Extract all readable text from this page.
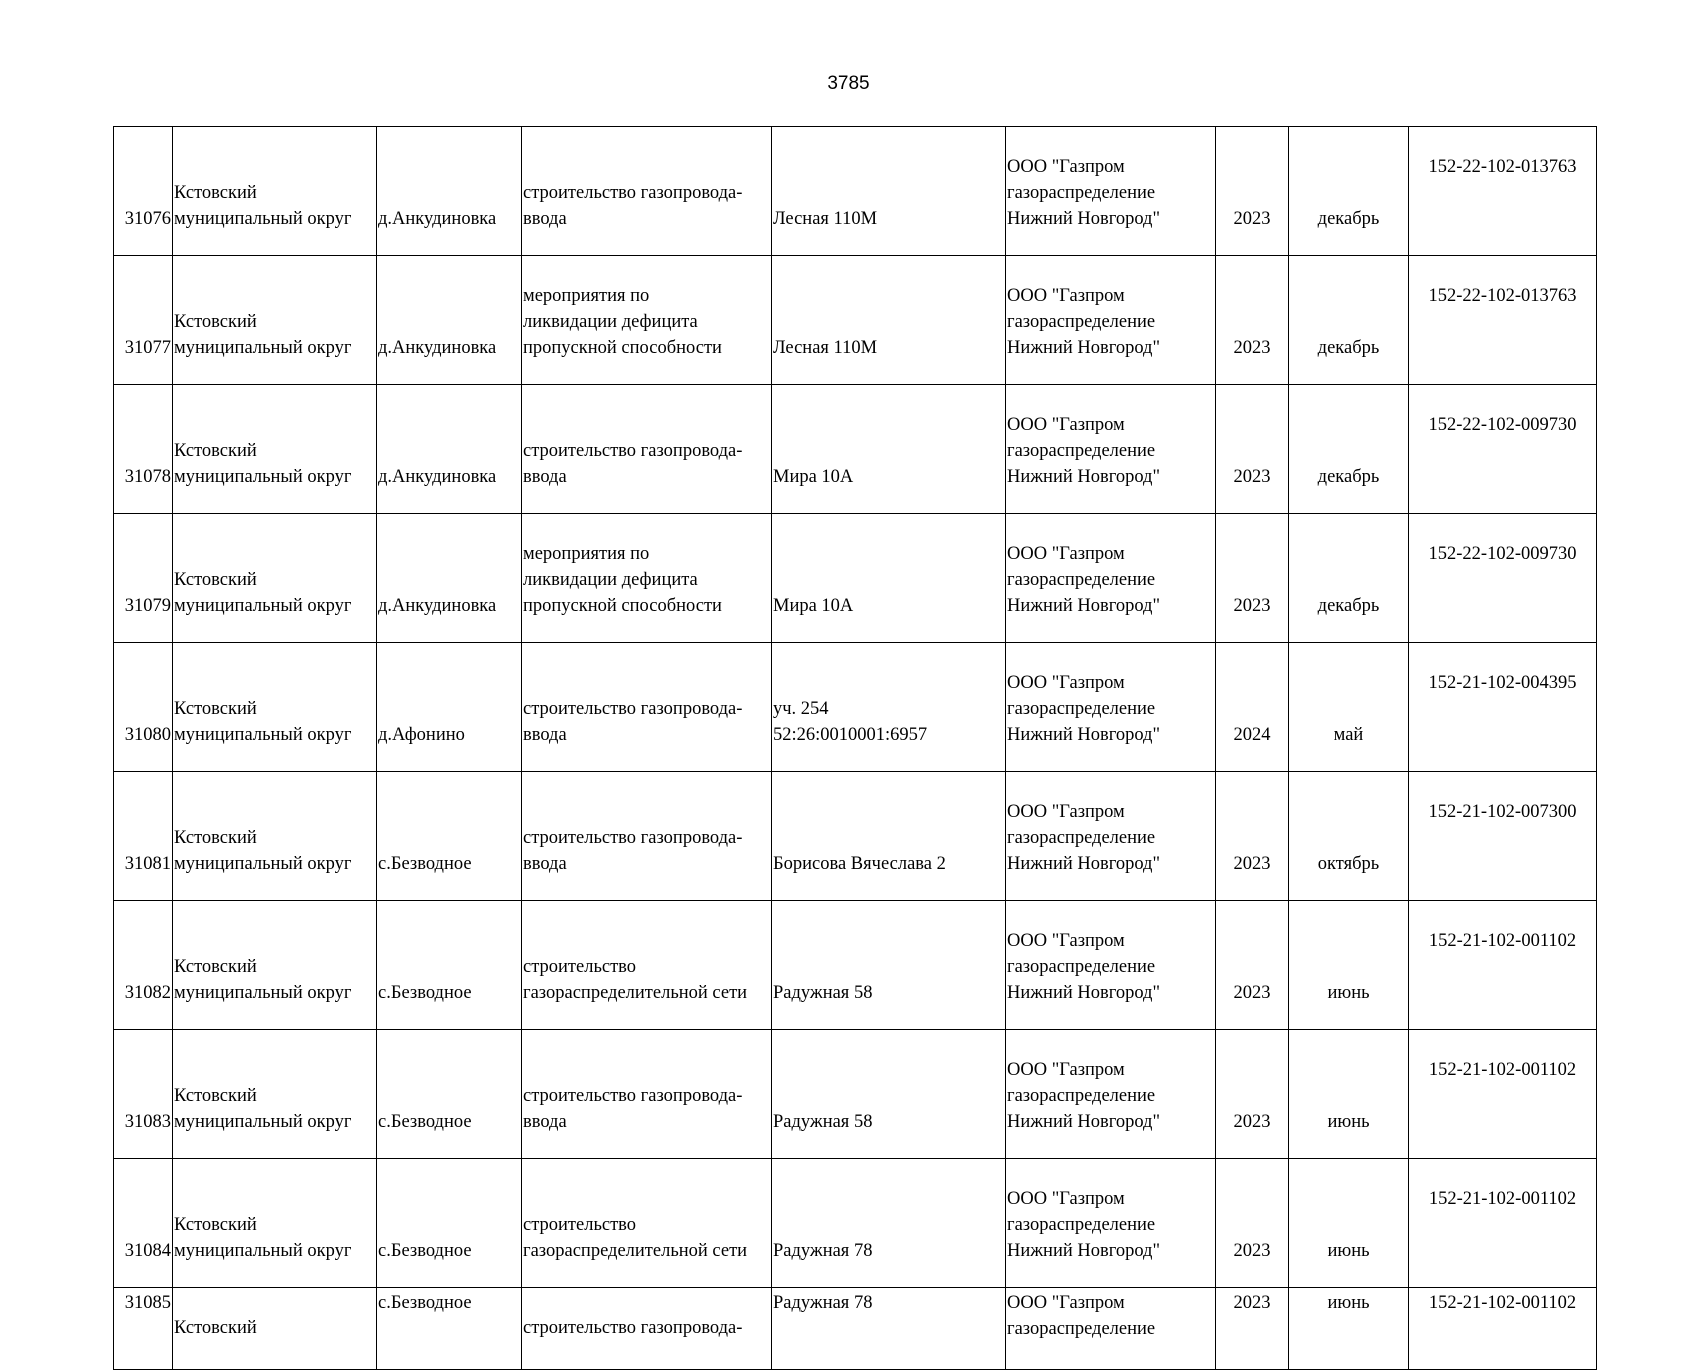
3785
31076	Кстовский
муниципальный округ	д.Анкудиновка	строительство газопровода-
ввода	Лесная 110М	ООО "Газпром
газораспределение
Нижний Новгород"	2023	декабрь	152-22-102-013763
31077	Кстовский
муниципальный округ	д.Анкудиновка	мероприятия по
ликвидации дефицита
пропускной способности	Лесная 110М	ООО "Газпром
газораспределение
Нижний Новгород"	2023	декабрь	152-22-102-013763
31078	Кстовский
муниципальный округ	д.Анкудиновка	строительство газопровода-
ввода	Мира 10А	ООО "Газпром
газораспределение
Нижний Новгород"	2023	декабрь	152-22-102-009730
31079	Кстовский
муниципальный округ	д.Анкудиновка	мероприятия по
ликвидации дефицита
пропускной способности	Мира 10А	ООО "Газпром
газораспределение
Нижний Новгород"	2023	декабрь	152-22-102-009730
31080	Кстовский
муниципальный округ	д.Афонино	строительство газопровода-
ввода	уч. 254
52:26:0010001:6957	ООО "Газпром
газораспределение
Нижний Новгород"	2024	май	152-21-102-004395
31081	Кстовский
муниципальный округ	с.Безводное	строительство газопровода-
ввода	Борисова Вячеслава 2	ООО "Газпром
газораспределение
Нижний Новгород"	2023	октябрь	152-21-102-007300
31082	Кстовский
муниципальный округ	с.Безводное	строительство
газораспределительной сети	Радужная 58	ООО "Газпром
газораспределение
Нижний Новгород"	2023	июнь	152-21-102-001102
31083	Кстовский
муниципальный округ	с.Безводное	строительство газопровода-
ввода	Радужная 58	ООО "Газпром
газораспределение
Нижний Новгород"	2023	июнь	152-21-102-001102
31084	Кстовский
муниципальный округ	с.Безводное	строительство
газораспределительной сети	Радужная 78	ООО "Газпром
газораспределение
Нижний Новгород"	2023	июнь	152-21-102-001102
31085	Кстовский	с.Безводное	строительство газопровода-	Радужная 78	ООО "Газпром
газораспределение	2023	июнь	152-21-102-001102
